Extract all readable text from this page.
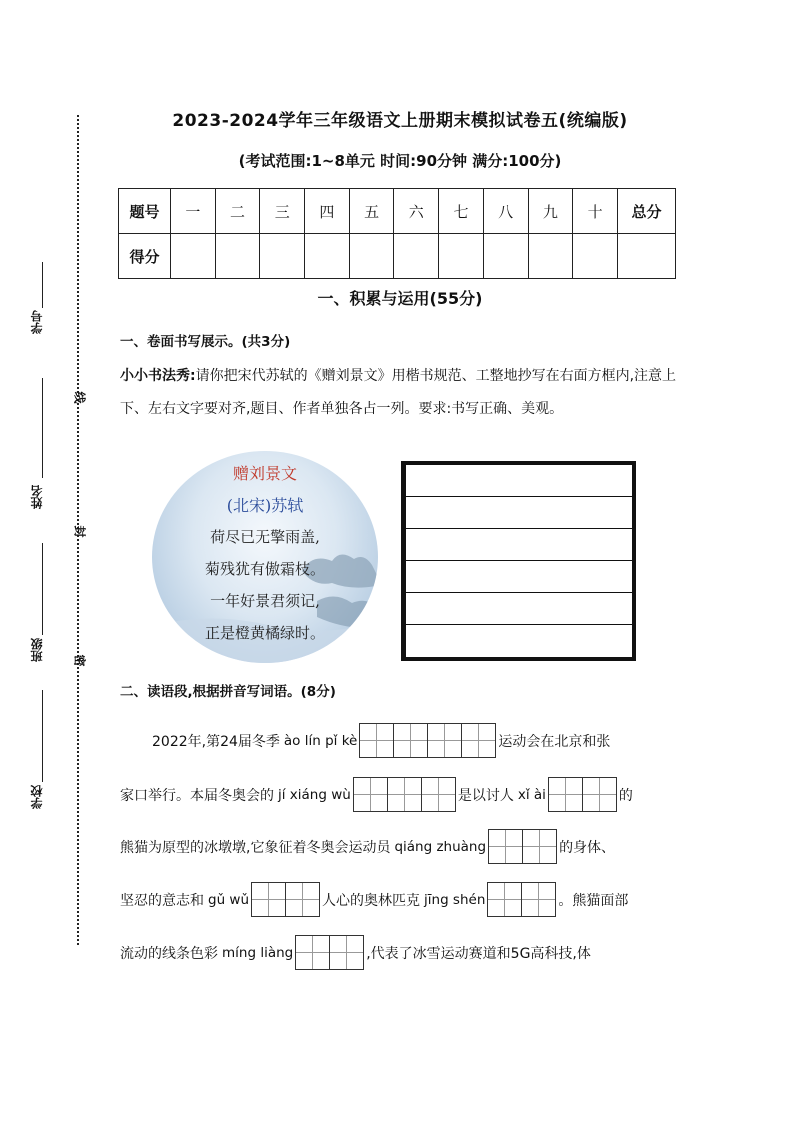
学号
姓名
班级
学校
线
封
密
2023-2024学年三年级语文上册期末模拟试卷五(统编版)
(考试范围:1~8单元 时间:90分钟 满分:100分)
题号	一	二	三	四	五	六	七	八	九	十	总分
得分											
一、积累与运用(55分)
一、卷面书写展示。(共3分)
小小书法秀:请你把宋代苏轼的《赠刘景文》用楷书规范、工整地抄写在右面方框内,注意上下、左右文字要对齐,题目、作者单独各占一列。要求:书写正确、美观。
赠刘景文
(北宋)苏轼
荷尽已无擎雨盖,
菊残犹有傲霜枝。
一年好景君须记,
正是橙黄橘绿时。
二、读语段,根据拼音写词语。(8分)
2022年,第24届冬季 ào lín pǐ kè	运动会在北京和张
家口举行。本届冬奥会的 jí xiáng wù	是以讨人 xǐ ài	的
熊猫为原型的冰墩墩,它象征着冬奥会运动员 qiáng zhuàng	的身体、
坚忍的意志和 gǔ wǔ	人心的奥林匹克 jīng shén	。熊猫面部
流动的线条色彩 míng liàng	,代表了冰雪运动赛道和5G高科技,体
